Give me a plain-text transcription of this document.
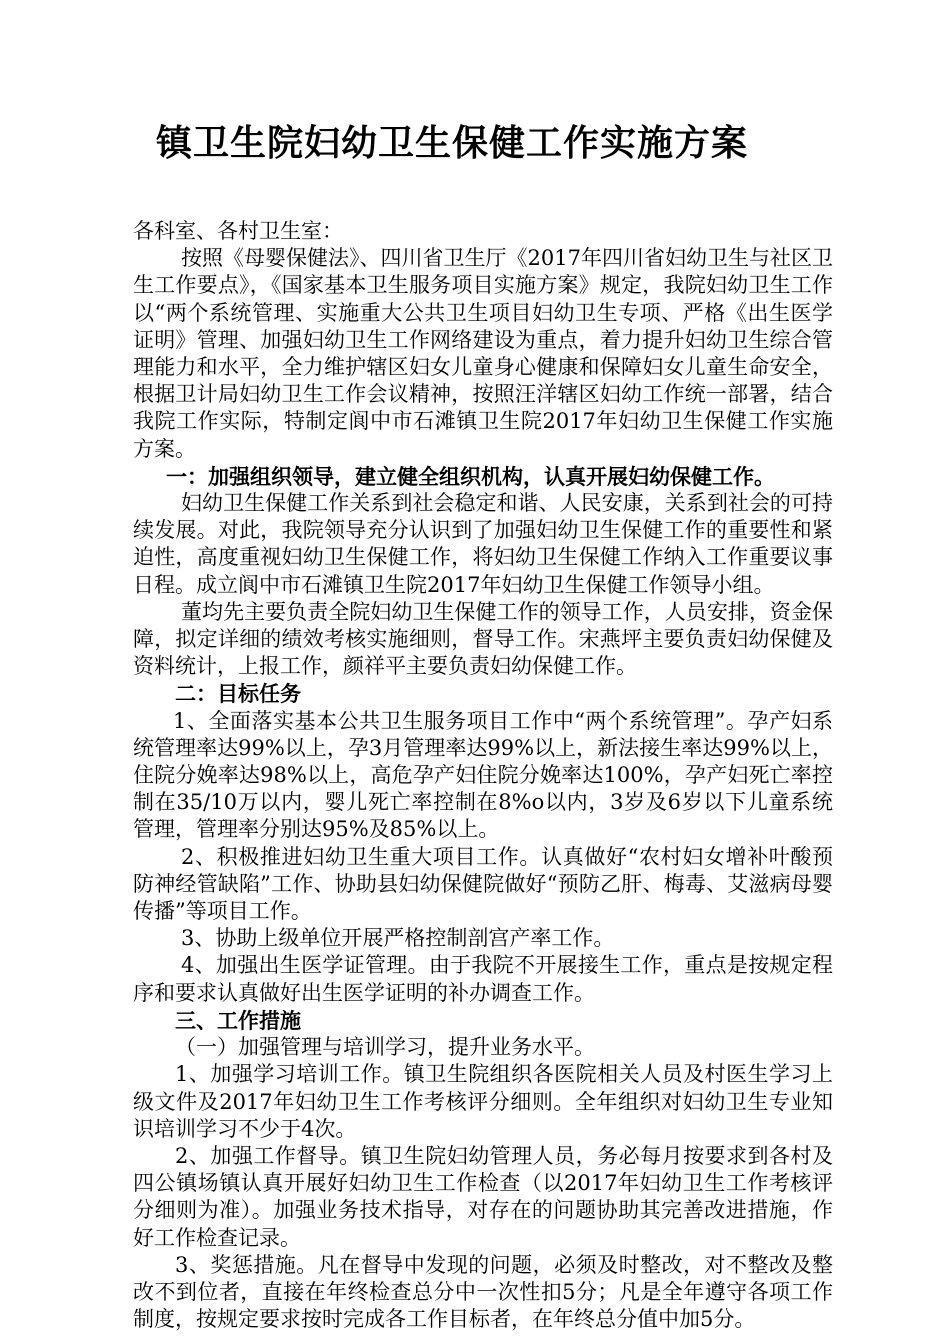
镇卫生院妇幼卫生保健工作实施方案

各科室、各村卫生室：

按照《母婴保健法》、四川省卫生厅《2017年四川省妇幼卫生与社区卫生工作要点》，《国家基本卫生服务项目实施方案》规定，我院妇幼卫生工作以“两个系统管理、实施重大公共卫生项目妇幼卫生专项、严格《出生医学证明》管理、加强妇幼卫生工作网络建设为重点，着力提升妇幼卫生综合管理能力和水平，全力维护辖区妇女儿童身心健康和保障妇女儿童生命安全，根据卫计局妇幼卫生工作会议精神，按照汪洋辖区妇幼工作统一部署，结合我院工作实际，特制定阆中市石滩镇卫生院2017年妇幼卫生保健工作实施方案。

一：加强组织领导，建立健全组织机构，认真开展妇幼保健工作。

妇幼卫生保健工作关系到社会稳定和谐、人民安康，关系到社会的可持续发展。对此，我院领导充分认识到了加强妇幼卫生保健工作的重要性和紧迫性，高度重视妇幼卫生保健工作，将妇幼卫生保健工作纳入工作重要议事日程。成立阆中市石滩镇卫生院2017年妇幼卫生保健工作领导小组。

董均先主要负责全院妇幼卫生保健工作的领导工作，人员安排，资金保障，拟定详细的绩效考核实施细则，督导工作。宋燕坪主要负责妇幼保健及资料统计，上报工作，颜祥平主要负责妇幼保健工作。

二：目标任务

1、全面落实基本公共卫生服务项目工作中“两个系统管理”。孕产妇系统管理率达99%以上，孕3月管理率达99%以上，新法接生率达99%以上，住院分娩率达98%以上，高危孕产妇住院分娩率达100%，孕产妇死亡率控制在35/10万以内，婴儿死亡率控制在8%o以内，3岁及6岁以下儿童系统管理，管理率分别达95%及85%以上。

2、积极推进妇幼卫生重大项目工作。认真做好“农村妇女增补叶酸预防神经管缺陷”工作、协助县妇幼保健院做好“预防乙肝、梅毒、艾滋病母婴传播”等项目工作。

3、协助上级单位开展严格控制剖宫产率工作。

4、加强出生医学证管理。由于我院不开展接生工作，重点是按规定程序和要求认真做好出生医学证明的补办调查工作。

三、工作措施

（一）加强管理与培训学习，提升业务水平。

1、加强学习培训工作。镇卫生院组织各医院相关人员及村医生学习上级文件及2017年妇幼卫生工作考核评分细则。全年组织对妇幼卫生专业知识培训学习不少于4次。

2、加强工作督导。镇卫生院妇幼管理人员，务必每月按要求到各村及四公镇场镇认真开展好妇幼卫生工作检查（以2017年妇幼卫生工作考核评分细则为准）。加强业务技术指导，对存在的问题协助其完善改进措施，作好工作检查记录。

3、奖惩措施。凡在督导中发现的问题，必须及时整改，对不整改及整改不到位者，直接在年终检查总分中一次性扣5分；凡是全年遵守各项工作制度，按规定要求按时完成各工作目标者，在年终总分值中加5分。
